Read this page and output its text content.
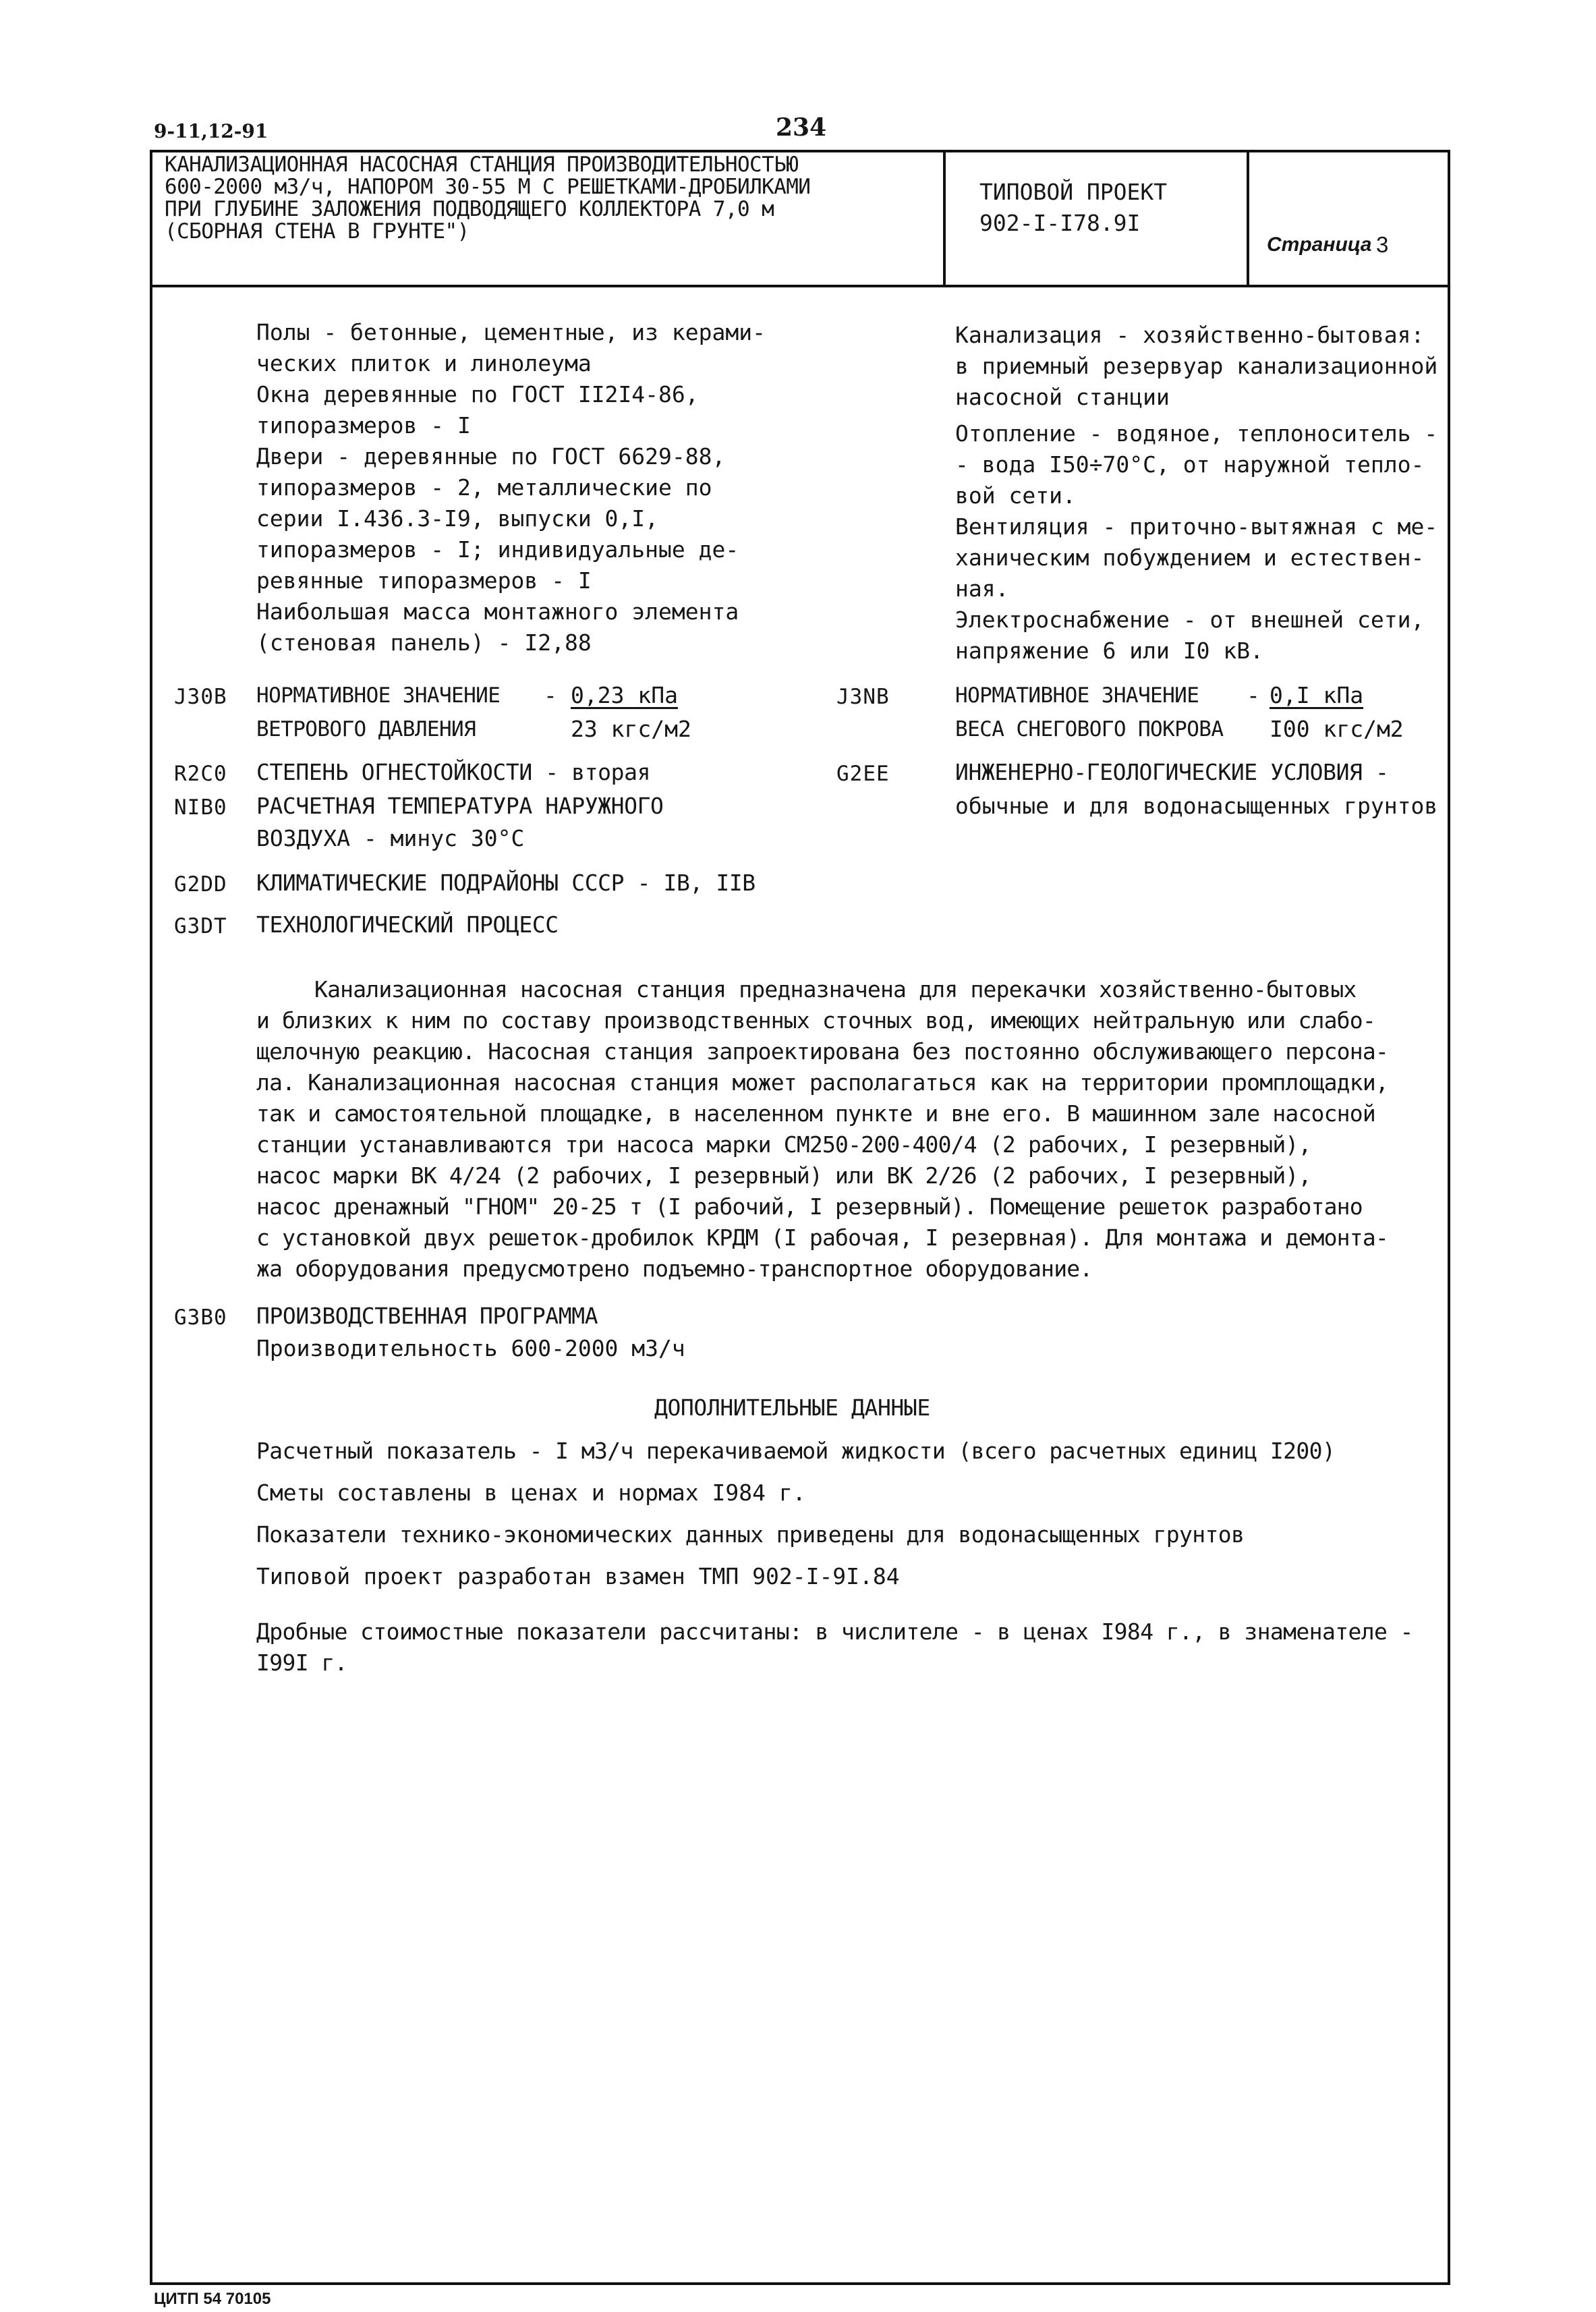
9-11,12-91	234
КАНАЛИЗАЦИОННАЯ НАСОСНАЯ СТАНЦИЯ ПРОИЗВОДИТЕЛЬНОСТЬЮ
600-2000 м3/ч, НАПОРОМ 30-55 М С РЕШЕТКАМИ-ДРОБИЛКАМИ
ПРИ ГЛУБИНЕ ЗАЛОЖЕНИЯ ПОДВОДЯЩЕГО КОЛЛЕКТОРА 7,0 м
(СБОРНАЯ СТЕНА В ГРУНТЕ")
ТИПОВОЙ ПРОЕКТ
902-I-I78.9I
Страница 3
Полы - бетонные, цементные, из керами-
ческих плиток и линолеума
Окна деревянные по ГОСТ II2I4-86,
типоразмеров - I
Двери - деревянные по ГОСТ 6629-88,
типоразмеров - 2, металлические по
серии I.436.3-I9, выпуски 0,I,
типоразмеров - I; индивидуальные де-
ревянные типоразмеров - I
Наибольшая масса монтажного элемента
(стеновая панель) - I2,88
Канализация - хозяйственно-бытовая:
в приемный резервуар канализационной
насосной станции
Отопление - водяное, теплоноситель -
- вода I50÷70°С, от наружной тепло-
вой сети.
Вентиляция - приточно-вытяжная с ме-
ханическим побуждением и естествен-
ная.
Электроснабжение - от внешней сети,
напряжение 6 или I0 кВ.
J30B НОРМАТИВНОЕ ЗНАЧЕНИЕ - 0,23 кПа
ВЕТРОВОГО ДАВЛЕНИЯ	23 кгс/м2
J3NB	НОРМАТИВНОЕ ЗНАЧЕНИЕ - 0,I кПа
ВЕСА СНЕГОВОГО ПОКРОВА I00 кгс/м2
R2C0 СТЕПЕНЬ ОГНЕСТОЙКОСТИ - вторая	G2EE	ИНЖЕНЕРНО-ГЕОЛОГИЧЕСКИЕ УСЛОВИЯ -
обычные и для водонасыщенных грунтов
NIB0 РАСЧЕТНАЯ ТЕМПЕРАТУРА НАРУЖНОГО
ВОЗДУХА - минус 30°С
G2DD КЛИМАТИЧЕСКИЕ ПОДРАЙОНЫ СССР - IВ, IIВ
G3DT ТЕХНОЛОГИЧЕСКИЙ ПРОЦЕСС
Канализационная насосная станция предназначена для перекачки хозяйственно-бытовых
и близких к ним по составу производственных сточных вод, имеющих нейтральную или слабо-
щелочную реакцию. Насосная станция запроектирована без постоянно обслуживающего персона-
ла. Канализационная насосная станция может располагаться как на территории промплощадки,
так и самостоятельной площадке, в населенном пункте и вне его. В машинном зале насосной
станции устанавливаются три насоса марки СМ250-200-400/4 (2 рабочих, I резервный),
насос марки ВК 4/24 (2 рабочих, I резервный) или ВК 2/26 (2 рабочих, I резервный),
насос дренажный "ГНОМ" 20-25 т (I рабочий, I резервный). Помещение решеток разработано
с установкой двух решеток-дробилок КРДМ (I рабочая, I резервная). Для монтажа и демонта-
жа оборудования предусмотрено подъемно-транспортное оборудование.
G3B0 ПРОИЗВОДСТВЕННАЯ ПРОГРАММА
Производительность 600-2000 м3/ч
ДОПОЛНИТЕЛЬНЫЕ ДАННЫЕ
Расчетный показатель - I м3/ч перекачиваемой жидкости (всего расчетных единиц I200)
Сметы составлены в ценах и нормах I984 г.
Показатели технико-экономических данных приведены для водонасыщенных грунтов
Типовой проект разработан взамен ТМП 902-I-9I.84
Дробные стоимостные показатели рассчитаны: в числителе - в ценах I984 г., в знаменателе -
I99I г.
ЦИТП 54 70105
